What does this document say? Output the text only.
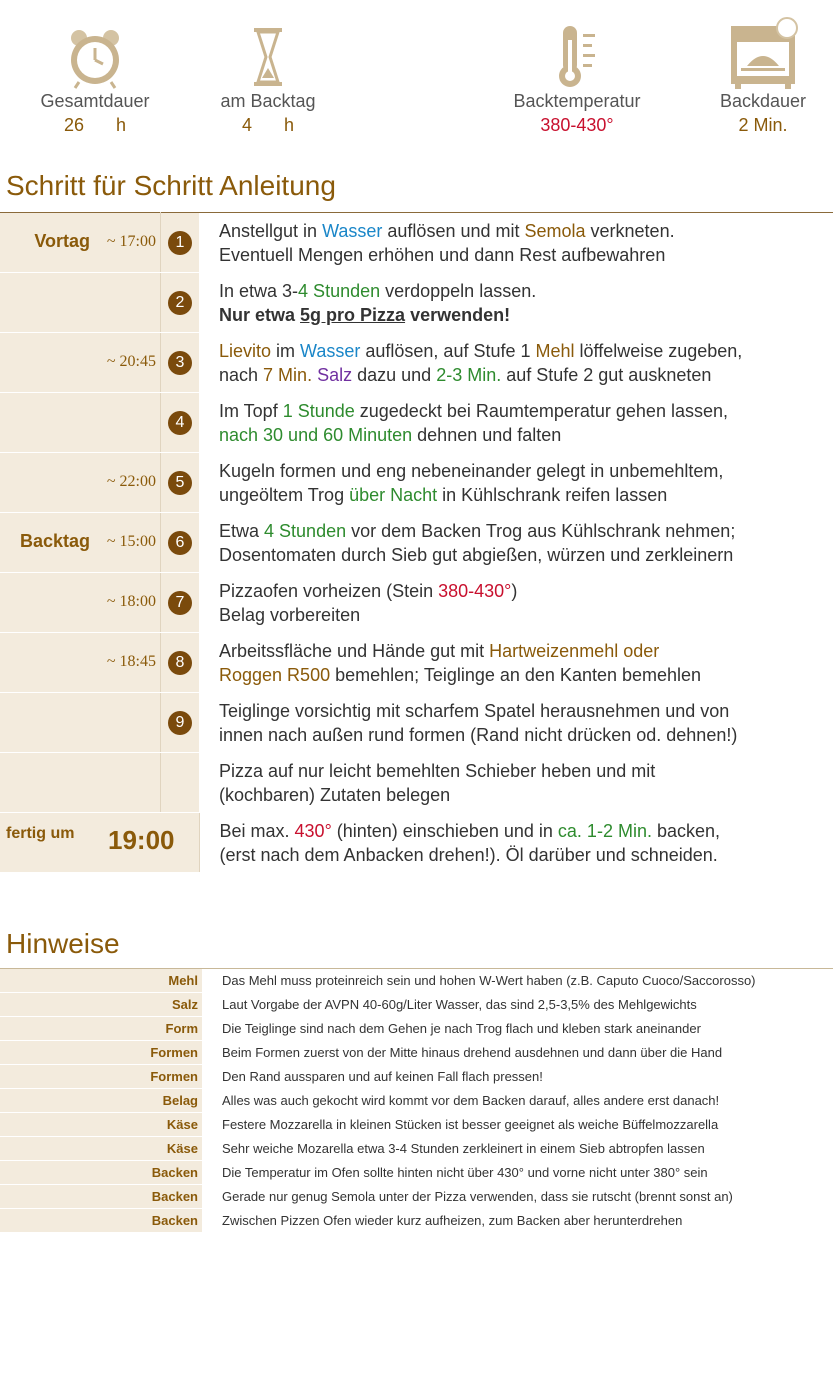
Gesamtdauer
26 h
am Backtag
4 h
Backtemperatur
380-430°
Backdauer
2 Min.
Schritt für Schritt Anleitung
Vortag ~ 17:00	1	Anstellgut in Wasser auflösen und mit Semola verkneten.
Eventuell Mengen erhöhen und dann Rest aufbewahren
	2	In etwa 3-4 Stunden verdoppeln lassen.
Nur etwa 5g pro Pizza verwenden!

~ 20:45	3	Lievito im Wasser auflösen, auf Stufe 1 Mehl löffelweise zugeben,
nach 7 Min. Salz dazu und 2-3 Min. auf Stufe 2 gut auskneten
	4	Im Topf 1 Stunde zugedeckt bei Raumtemperatur gehen lassen,
nach 30 und 60 Minuten dehnen und falten

~ 22:00	5	Kugeln formen und eng nebeneinander gelegt in unbemehltem,
ungeöltem Trog über Nacht in Kühlschrank reifen lassen

Backtag ~ 15:00	6	Etwa 4 Stunden vor dem Backen Trog aus Kühlschrank nehmen;
Dosentomaten durch Sieb gut abgießen, würzen und zerkleinern

~ 18:00	7	Pizzaofen vorheizen (Stein 380-430°)
Belag vorbereiten

~ 18:45	8	Arbeitssfläche und Hände gut mit Hartweizenmehl oder
Roggen R500 bemehlen; Teiglinge an den Kanten bemehlen
	9	Teiglinge vorsichtig mit scharfem Spatel herausnehmen und von
innen nach außen rund formen (Rand nicht drücken od. dehnen!)
		Pizza auf nur leicht bemehlten Schieber heben und mit
(kochbaren) Zutaten belegen

fertig um 19:00		Bei max. 430° (hinten) einschieben und in ca. 1-2 Min. backen,
(erst nach dem Anbacken drehen!). Öl darüber und schneiden.
Hinweise
Mehl	Das Mehl muss proteinreich sein und hohen W-Wert haben (z.B. Caputo Cuoco/Saccorosso)
Salz	Laut Vorgabe der AVPN 40-60g/Liter Wasser, das sind 2,5-3,5% des Mehlgewichts
Form	Die Teiglinge sind nach dem Gehen je nach Trog flach und kleben stark aneinander
Formen	Beim Formen zuerst von der Mitte hinaus drehend ausdehnen und dann über die Hand
Formen	Den Rand aussparen und auf keinen Fall flach pressen!
Belag	Alles was auch gekocht wird kommt vor dem Backen darauf, alles andere erst danach!
Käse	Festere Mozzarella in kleinen Stücken ist besser geeignet als weiche Büffelmozzarella
Käse	Sehr weiche Mozarella etwa 3-4 Stunden zerkleinert in einem Sieb abtropfen lassen
Backen	Die Temperatur im Ofen sollte hinten nicht über 430° und vorne nicht unter 380° sein
Backen	Gerade nur genug Semola unter der Pizza verwenden, dass sie rutscht (brennt sonst an)
Backen	Zwischen Pizzen Ofen wieder kurz aufheizen, zum Backen aber herunterdrehen
